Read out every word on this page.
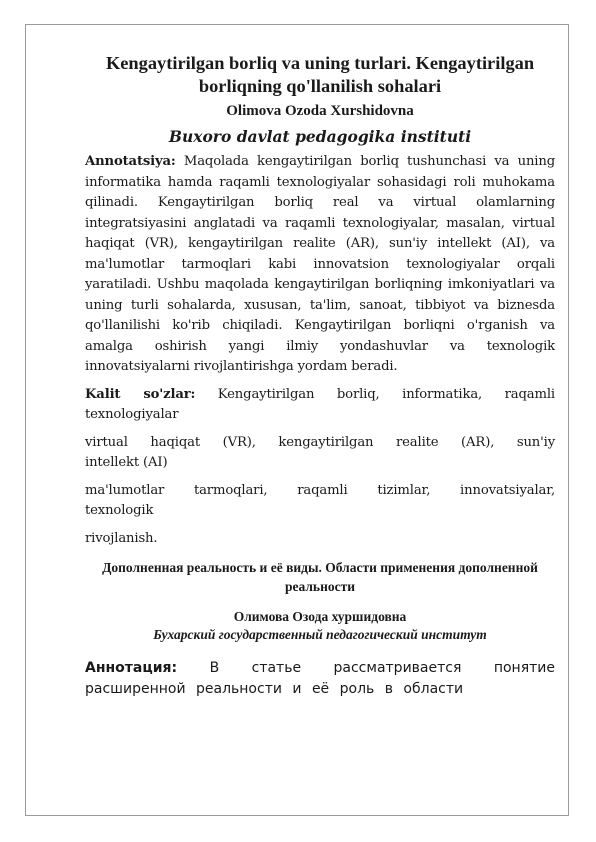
Kengaytirilgan borliq va uning turlari. Kengaytirilgan borliqning qo'llanilish sohalari
Olimova Ozoda Xurshidovna
Buxoro davlat pedagogika instituti

Annotatsiya: Maqolada kengaytirilgan borliq tushunchasi va uning informatika hamda raqamli texnologiyalar sohasidagi roli muhokama qilinadi. Kengaytirilgan borliq real va virtual olamlarning integratsiyasini anglatadi va raqamli texnologiyalar, masalan, virtual haqiqat (VR), kengaytirilgan realite (AR), sun'iy intellekt (AI), va ma'lumotlar tarmoqlari kabi innovatsion texnologiyalar orqali yaratiladi. Ushbu maqolada kengaytirilgan borliqning imkoniyatlari va uning turli sohalarda, xususan, ta'lim, sanoat, tibbiyot va biznesda qo'llanilishi ko'rib chiqiladi. Kengaytirilgan borliqni o'rganish va amalga oshirish yangi ilmiy yondashuvlar va texnologik innovatsiyalarni rivojlantirishga yordam beradi.

Kalit so'zlar: Kengaytirilgan borliq, informatika, raqamli

texnologiyalar

virtual haqiqat (VR), kengaytirilgan realite (AR), sun'iy

intellekt (AI)

ma'lumotlar tarmoqlari, raqamli tizimlar, innovatsiyalar,

texnologik

rivojlanish.

Дополненная реальность и её виды. Области применения дополненной реальности
Олимова Озода хуршидовна
Бухарский государственный педагогический институт

Аннотация: В статье рассматривается понятие расширенной реальности и её роль в области
